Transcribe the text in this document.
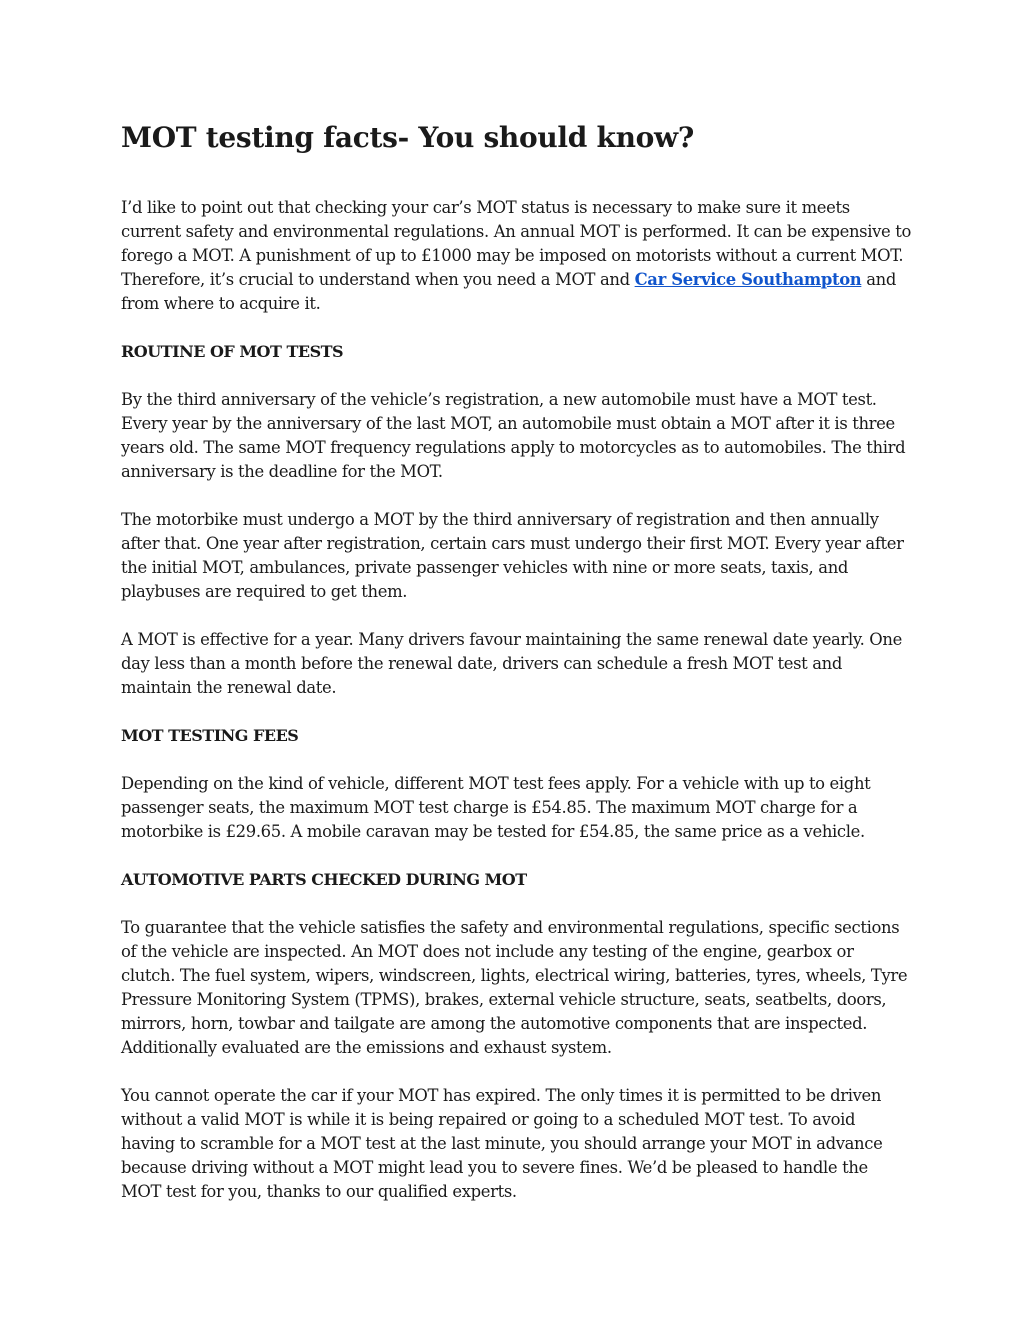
MOT testing facts- You should know?

I’d like to point out that checking your car’s MOT status is necessary to make sure it meets current safety and environmental regulations. An annual MOT is performed. It can be expensive to forego a MOT. A punishment of up to £1000 may be imposed on motorists without a current MOT. Therefore, it’s crucial to understand when you need a MOT and Car Service Southampton and from where to acquire it.

ROUTINE OF MOT TESTS

By the third anniversary of the vehicle’s registration, a new automobile must have a MOT test. Every year by the anniversary of the last MOT, an automobile must obtain a MOT after it is three years old. The same MOT frequency regulations apply to motorcycles as to automobiles. The third anniversary is the deadline for the MOT.

The motorbike must undergo a MOT by the third anniversary of registration and then annually after that. One year after registration, certain cars must undergo their first MOT. Every year after the initial MOT, ambulances, private passenger vehicles with nine or more seats, taxis, and playbuses are required to get them.

A MOT is effective for a year. Many drivers favour maintaining the same renewal date yearly. One day less than a month before the renewal date, drivers can schedule a fresh MOT test and maintain the renewal date.

MOT TESTING FEES

Depending on the kind of vehicle, different MOT test fees apply. For a vehicle with up to eight passenger seats, the maximum MOT test charge is £54.85. The maximum MOT charge for a motorbike is £29.65. A mobile caravan may be tested for £54.85, the same price as a vehicle.

AUTOMOTIVE PARTS CHECKED DURING MOT

To guarantee that the vehicle satisfies the safety and environmental regulations, specific sections of the vehicle are inspected. An MOT does not include any testing of the engine, gearbox or clutch. The fuel system, wipers, windscreen, lights, electrical wiring, batteries, tyres, wheels, Tyre Pressure Monitoring System (TPMS), brakes, external vehicle structure, seats, seatbelts, doors, mirrors, horn, towbar and tailgate are among the automotive components that are inspected. Additionally evaluated are the emissions and exhaust system.

You cannot operate the car if your MOT has expired. The only times it is permitted to be driven without a valid MOT is while it is being repaired or going to a scheduled MOT test. To avoid having to scramble for a MOT test at the last minute, you should arrange your MOT in advance because driving without a MOT might lead you to severe fines. We’d be pleased to handle the MOT test for you, thanks to our qualified experts.
